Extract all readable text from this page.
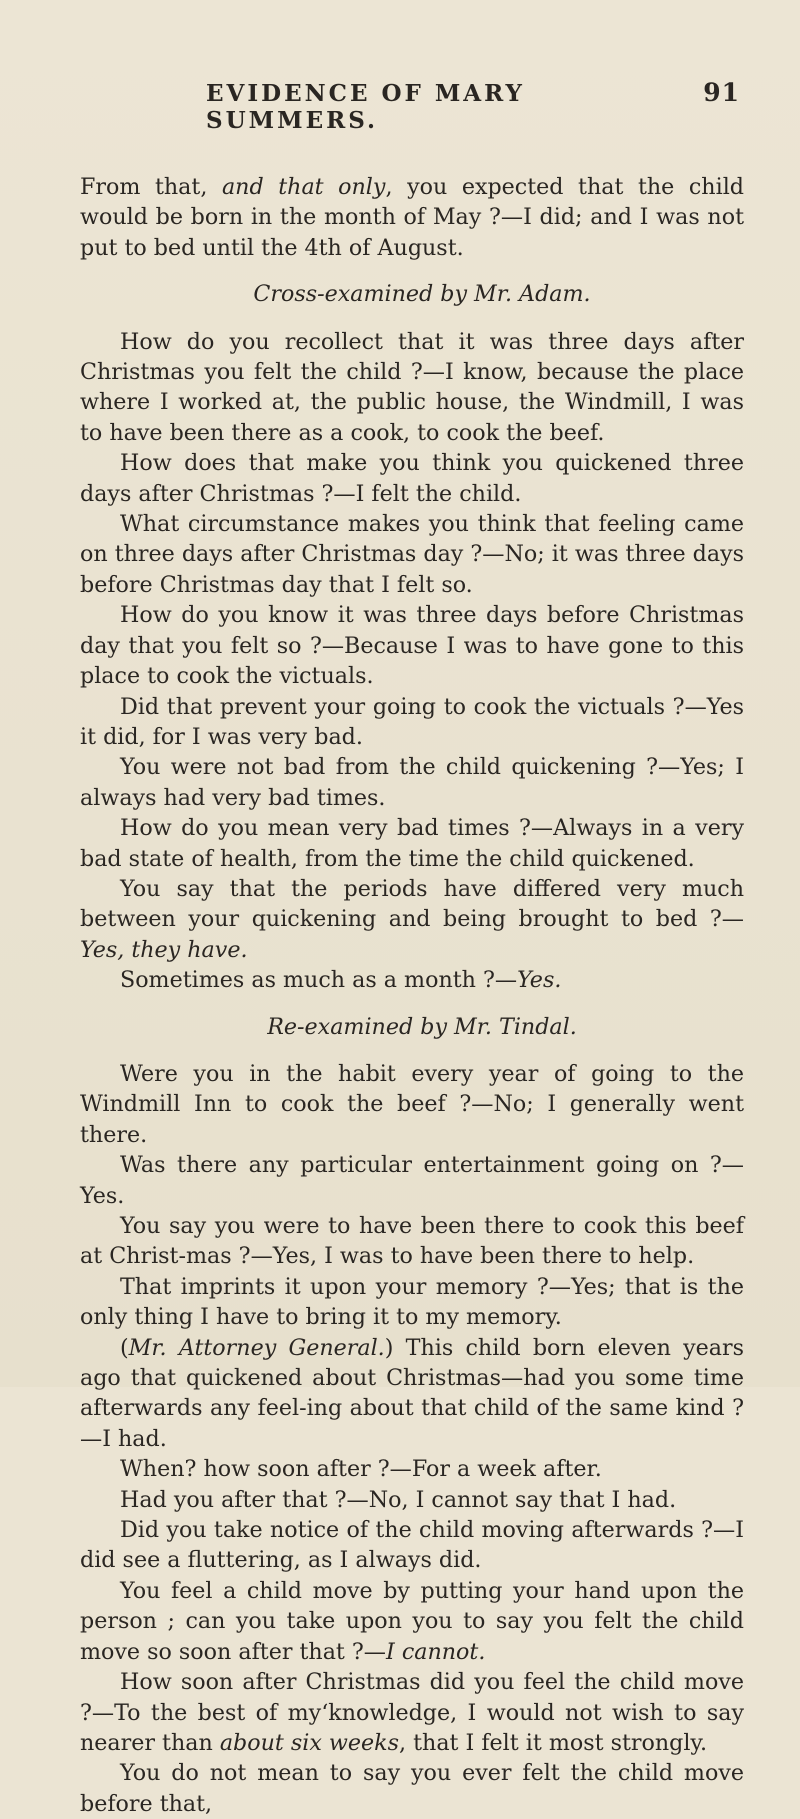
EVIDENCE OF MARY SUMMERS.
91

From that, and that only, you expected that the child would be born in the month of May ?—I did; and I was not put to bed until the 4th of August.

Cross-examined by Mr. Adam.

How do you recollect that it was three days after Christmas you felt the child ?—I know, because the place where I worked at, the public house, the Windmill, I was to have been there as a cook, to cook the beef.

How does that make you think you quickened three days after Christmas ?—I felt the child.

What circumstance makes you think that feeling came on three days after Christmas day ?—No; it was three days before Christmas day that I felt so.

How do you know it was three days before Christmas day that you felt so ?—Because I was to have gone to this place to cook the victuals.

Did that prevent your going to cook the victuals ?—Yes it did, for I was very bad.

You were not bad from the child quickening ?—Yes; I always had very bad times.

How do you mean very bad times ?—Always in a very bad state of health, from the time the child quickened.

You say that the periods have differed very much between your quickening and being brought to bed ?—Yes, they have.

Sometimes as much as a month ?—Yes.

Re-examined by Mr. Tindal.

Were you in the habit every year of going to the Windmill Inn to cook the beef ?—No; I generally went there.

Was there any particular entertainment going on ?—Yes.

You say you were to have been there to cook this beef at Christ-mas ?—Yes, I was to have been there to help.

That imprints it upon your memory ?—Yes; that is the only thing I have to bring it to my memory.

(Mr. Attorney General.) This child born eleven years ago that quickened about Christmas—had you some time afterwards any feel-ing about that child of the same kind ?—I had.

When? how soon after ?—For a week after.

Had you after that ?—No, I cannot say that I had.

Did you take notice of the child moving afterwards ?—I did see a fluttering, as I always did.

You feel a child move by putting your hand upon the person ; can you take upon you to say you felt the child move so soon after that ?—I cannot.

How soon after Christmas did you feel the child move ?—To the best of my‘knowledge, I would not wish to say nearer than about six weeks, that I felt it most strongly.

You do not mean to say you ever felt the child move before that,
